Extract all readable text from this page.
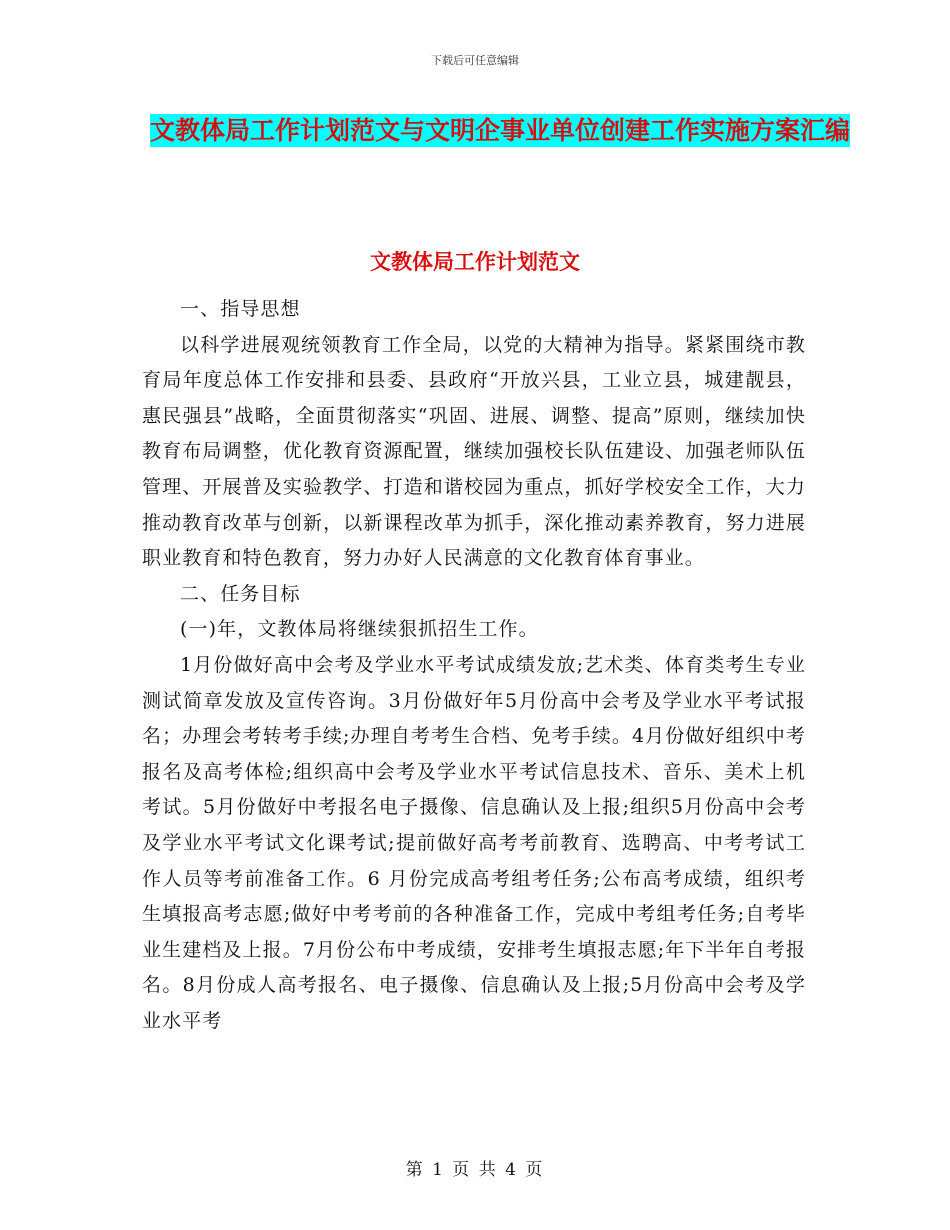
下载后可任意编辑
文教体局工作计划范文与文明企事业单位创建工作实施方案汇编
文教体局工作计划范文

一、指导思想

以科学进展观统领教育工作全局，以党的大精神为指导。紧紧围绕市教育局年度总体工作安排和县委、县政府“开放兴县，工业立县，城建靓县，惠民强县”战略，全面贯彻落实“巩固、进展、调整、提高”原则，继续加快教育布局调整，优化教育资源配置，继续加强校长队伍建设、加强老师队伍管理、开展普及实验教学、打造和谐校园为重点，抓好学校安全工作，大力推动教育改革与创新，以新课程改革为抓手，深化推动素养教育，努力进展职业教育和特色教育，努力办好人民满意的文化教育体育事业。

二、任务目标

(一)年，文教体局将继续狠抓招生工作。

1月份做好高中会考及学业水平考试成绩发放;艺术类、体育类考生专业测试简章发放及宣传咨询。3月份做好年5月份高中会考及学业水平考试报名；办理会考转考手续;办理自考考生合档、免考手续。4月份做好组织中考报名及高考体检;组织高中会考及学业水平考试信息技术、音乐、美术上机考试。5月份做好中考报名电子摄像、信息确认及上报;组织5月份高中会考及学业水平考试文化课考试;提前做好高考考前教育、选聘高、中考考试工作人员等考前准备工作。6 月份完成高考组考任务;公布高考成绩，组织考生填报高考志愿;做好中考考前的各种准备工作，完成中考组考任务;自考毕业生建档及上报。7月份公布中考成绩，安排考生填报志愿;年下半年自考报名。8月份成人高考报名、电子摄像、信息确认及上报;5月份高中会考及学业水平考

第 1 页 共 4 页
